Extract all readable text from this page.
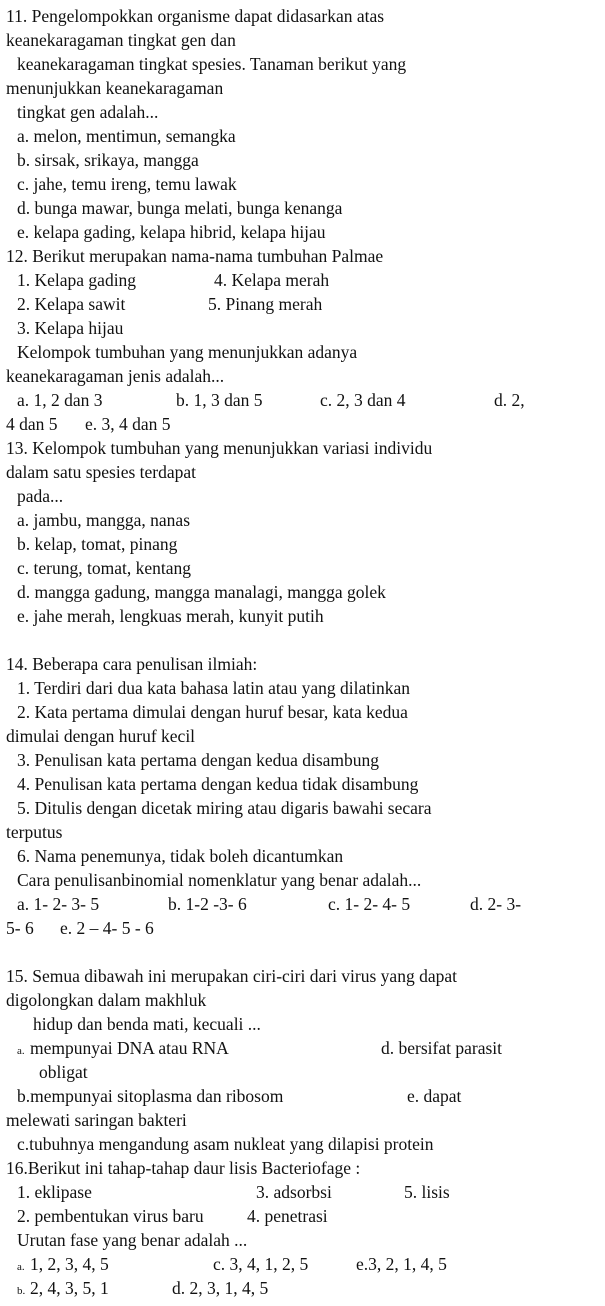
11. Pengelompokkan organisme dapat didasarkan atas
keanekaragaman tingkat gen dan
keanekaragaman tingkat spesies. Tanaman berikut yang
menunjukkan keanekaragaman
tingkat gen adalah...
a. melon, mentimun, semangka
b. sirsak, srikaya, mangga
c. jahe, temu ireng, temu lawak
d. bunga mawar, bunga melati, bunga kenanga
e. kelapa gading, kelapa hibrid, kelapa hijau
12. Berikut merupakan nama-nama tumbuhan Palmae
1. Kelapa gading	4. Kelapa merah
2. Kelapa sawit	5. Pinang merah
3. Kelapa hijau
Kelompok tumbuhan yang menunjukkan adanya
keanekaragaman jenis adalah...
a. 1, 2 dan 3	b. 1, 3 dan 5	c. 2, 3 dan 4	d. 2,
4 dan 5 e. 3, 4 dan 5
13. Kelompok tumbuhan yang menunjukkan variasi individu
dalam satu spesies terdapat
pada...
a. jambu, mangga, nanas
b. kelap, tomat, pinang
c. terung, tomat, kentang
d. mangga gadung, mangga manalagi, mangga golek
e. jahe merah, lengkuas merah, kunyit putih
14. Beberapa cara penulisan ilmiah:
1. Terdiri dari dua kata bahasa latin atau yang dilatinkan
2. Kata pertama dimulai dengan huruf besar, kata kedua
dimulai dengan huruf kecil
3. Penulisan kata pertama dengan kedua disambung
4. Penulisan kata pertama dengan kedua tidak disambung
5. Ditulis dengan dicetak miring atau digaris bawahi secara
terputus
6. Nama penemunya, tidak boleh dicantumkan
Cara penulisanbinomial nomenklatur yang benar adalah...
a. 1- 2- 3- 5	b. 1-2 -3- 6	c. 1- 2- 4- 5	d. 2- 3-
5- 6 e. 2 – 4- 5 - 6
15. Semua dibawah ini merupakan ciri-ciri dari virus yang dapat
digolongkan dalam makhluk
hidup dan benda mati, kecuali ...
a. mempunyai DNA atau RNA	d. bersifat parasit
obligat
b.mempunyai sitoplasma dan ribosom	e. dapat
melewati saringan bakteri
c.tubuhnya mengandung asam nukleat yang dilapisi protein
16.Berikut ini tahap-tahap daur lisis Bacteriofage :
1. eklipase	3. adsorbsi	5. lisis
2. pembentukan virus baru 4. penetrasi
Urutan fase yang benar adalah ...
a. 1, 2, 3, 4, 5	c. 3, 4, 1, 2, 5	e.3, 2, 1, 4, 5
b. 2, 4, 3, 5, 1	d. 2, 3, 1, 4, 5
